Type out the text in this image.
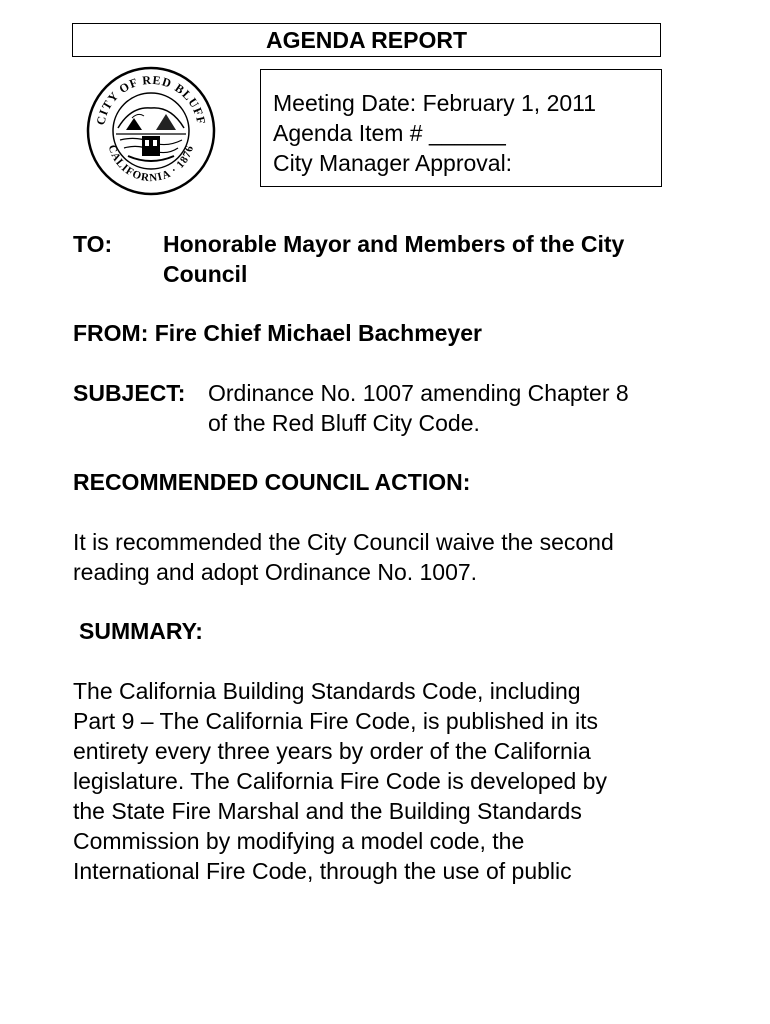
AGENDA REPORT
CITY OF RED BLUFF
CALIFORNIA · 1876
Meeting Date: February 1, 2011
Agenda Item # ______
City Manager Approval:
TO: Honorable Mayor and Members of the City
Council
FROM: Fire Chief Michael Bachmeyer
SUBJECT: Ordinance No. 1007 amending Chapter 8
of the Red Bluff City Code.
RECOMMENDED COUNCIL ACTION:
It is recommended the City Council waive the second
reading and adopt Ordinance No. 1007.
SUMMARY:
The California Building Standards Code, including
Part 9 – The California Fire Code, is published in its
entirety every three years by order of the California
legislature. The California Fire Code is developed by
the State Fire Marshal and the Building Standards
Commission by modifying a model code, the
International Fire Code, through the use of public
